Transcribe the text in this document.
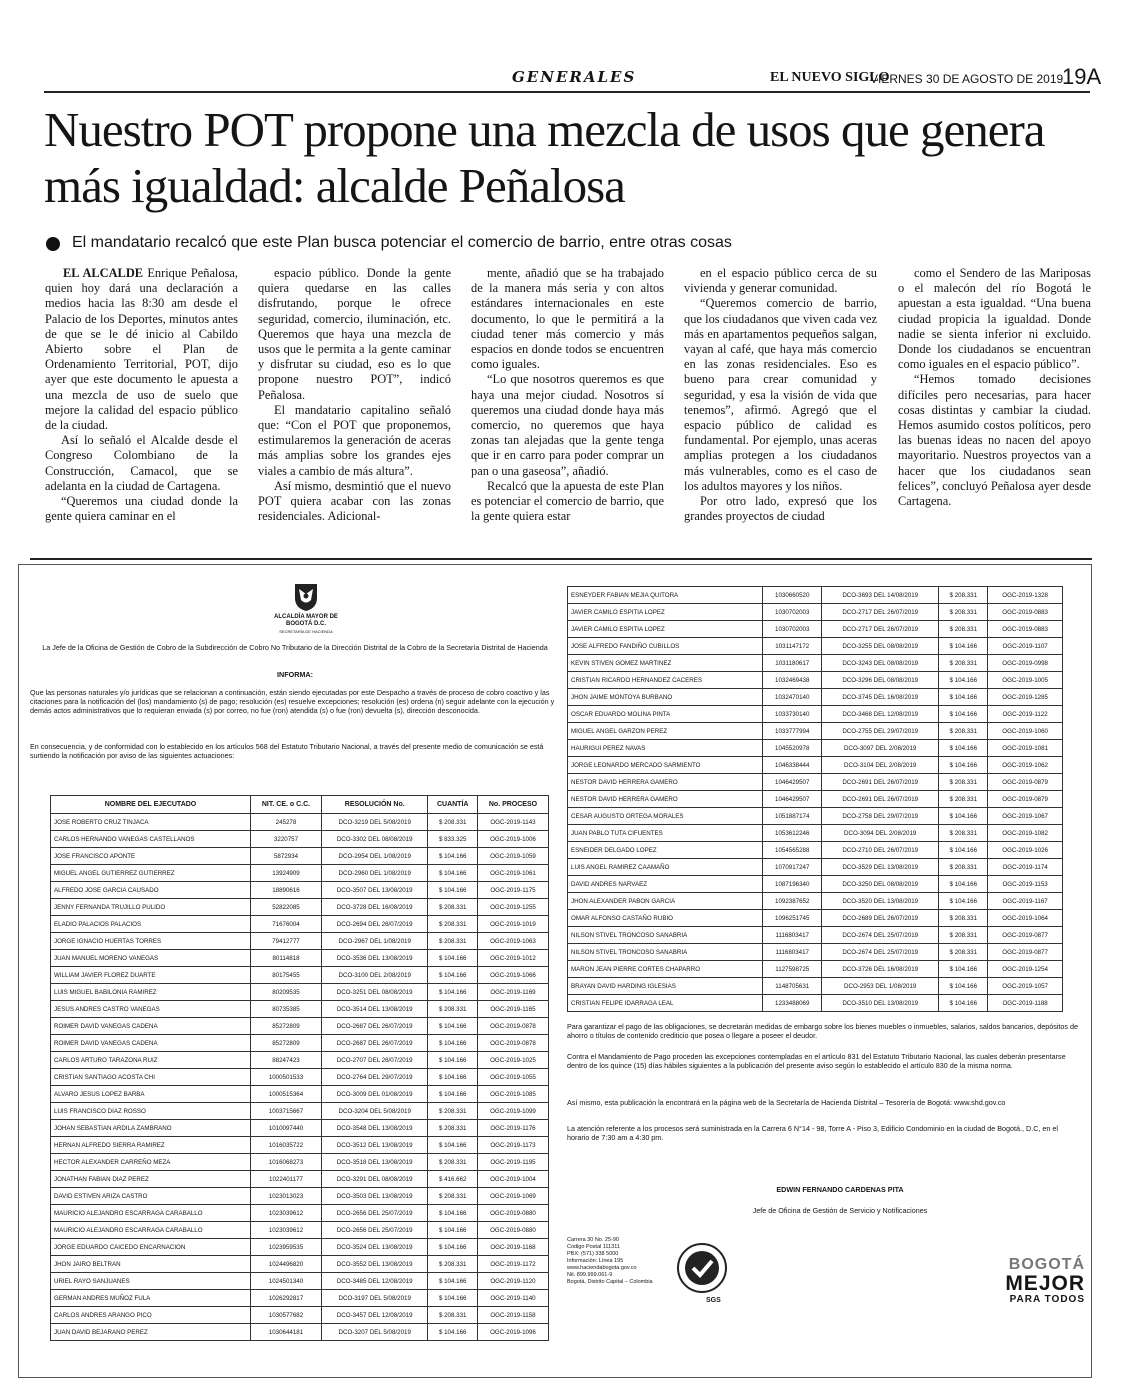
GENERALES	EL NUEVO SIGLO
VIERNES 30 DE AGOSTO DE 2019
19A
Nuestro POT propone una mezcla de usos que genera más igualdad: alcalde Peñalosa
El mandatario recalcó que este Plan busca potenciar el comercio de barrio, entre otras cosas

EL ALCALDE Enrique Peñalosa, quien hoy dará una declaración a medios hacia las 8:30 am desde el Palacio de los Deportes, minutos antes de que se le dé inicio al Cabildo Abierto sobre el Plan de Ordenamiento Territorial, POT, dijo ayer que este documento le apuesta a una mezcla de uso de suelo que mejore la calidad del espacio público de la ciudad.

Así lo señaló el Alcalde desde el Congreso Colombiano de la Construcción, Camacol, que se adelanta en la ciudad de Cartagena.

“Queremos una ciudad donde la gente quiera caminar en el

espacio público. Donde la gente quiera quedarse en las calles disfrutando, porque le ofrece seguridad, comercio, iluminación, etc. Queremos que haya una mezcla de usos que le permita a la gente caminar y disfrutar su ciudad, eso es lo que propone nuestro POT”, indicó Peñalosa.

El mandatario capitalino señaló que: “Con el POT que proponemos, estimularemos la generación de aceras más amplias sobre los grandes ejes viales a cambio de más altura”.

Así mismo, desmintió que el nuevo POT quiera acabar con las zonas residenciales. Adicional-

mente, añadió que se ha trabajado de la manera más seria y con altos estándares internacionales en este documento, lo que le permitirá a la ciudad tener más comercio y más espacios en donde todos se encuentren como iguales.

“Lo que nosotros queremos es que haya una mejor ciudad. Nosotros sí queremos una ciudad donde haya más comercio, no queremos que haya zonas tan alejadas que la gente tenga que ir en carro para poder comprar un pan o una gaseosa”, añadió.

Recalcó que la apuesta de este Plan es potenciar el comercio de barrio, que la gente quiera estar

en el espacio público cerca de su vivienda y generar comunidad.

“Queremos comercio de barrio, que los ciudadanos que viven cada vez más en apartamentos pequeños salgan, vayan al café, que haya más comercio en las zonas residenciales. Eso es bueno para crear comunidad y seguridad, y esa la visión de vida que tenemos”, afirmó. Agregó que el espacio público de calidad es fundamental. Por ejemplo, unas aceras amplias protegen a los ciudadanos más vulnerables, como es el caso de los adultos mayores y los niños.

Por otro lado, expresó que los grandes proyectos de ciudad

como el Sendero de las Mariposas o el malecón del río Bogotá le apuestan a esta igualdad. “Una buena ciudad propicia la igualdad. Donde nadie se sienta inferior ni excluido. Donde los ciudadanos se encuentran como iguales en el espacio público”.

“Hemos tomado decisiones difíciles pero necesarias, para hacer cosas distintas y cambiar la ciudad. Hemos asumido costos políticos, pero las buenas ideas no nacen del apoyo mayoritario. Nuestros proyectos van a hacer que los ciudadanos sean felices”, concluyó Peñalosa ayer desde Cartagena.

ALCALDÍA MAYOR DE BOGOTÁ D.C.
SECRETARÍA DE HACIENDA
La Jefe de la Oficina de Gestión de Cobro de la Subdirección de Cobro No Tributario de la Dirección Distrital de la Cobro de la Secretaría Distrital de Hacienda
INFORMA:
Que las personas naturales y/o jurídicas que se relacionan a continuación, están siendo ejecutadas por este Despacho a través de proceso de cobro coactivo y las citaciones para la notificación del (los) mandamiento (s) de pago; resolución (es) resuelve excepciones; resolución (es) ordena (n) seguir adelante con la ejecución y demás actos administrativos que lo requieran enviada (s) por correo, no fue (ron) atendida (s) o fue (ron) devuelta (s), dirección desconocida.
En consecuencia, y de conformidad con lo establecido en los artículos 568 del Estatuto Tributario Nacional, a través del presente medio de comunicación se está surtiendo la notificación por aviso de las siguientes actuaciones:
NOMBRE DEL EJECUTADO	NIT. CE. o C.C.	RESOLUCIÓN No.	CUANTÍA	No. PROCESO
JOSE ROBERTO CRUZ TINJACA	245278	DCO-3219 DEL 5/08/2019	$ 208.331	OGC-2019-1143
CARLOS HERNANDO VANEGAS CASTELLANOS	3220757	DCO-3302 DEL 08/08/2019	$ 833.325	OGC-2019-1006
JOSE FRANCISCO APONTE	5872934	DCO-2954 DEL 1/08/2019	$ 104.166	OGC-2019-1059
MIGUEL ANGEL GUTIERREZ GUTIERREZ	13924909	DCO-2960 DEL 1/08/2019	$ 104.166	OGC-2019-1061
ALFREDO JOSE GARCIA CAUSADO	18890616	DCO-3507 DEL 13/08/2019	$ 104.166	OGC-2019-1175
JENNY FERNANDA TRUJILLO PULIDO	52822085	DCO-3728 DEL 16/08/2019	$ 208.331	OGC-2019-1255
ELADIO PALACIOS PALACIOS	71676004	DCO-2694 DEL 26/07/2019	$ 208.331	OGC-2019-1019
JORGE IGNACIO HUERTAS TORRES	79412777	DCO-2967 DEL 1/08/2019	$ 208.331	OGC-2019-1063
JUAN MANUEL MORENO VANEGAS	80114818	DCO-3536 DEL 13/08/2019	$ 104.166	OGC-2019-1012
WILLIAM JAVIER FLOREZ DUARTE	80175455	DCO-3100 DEL 2/08/2019	$ 104.166	OGC-2019-1066
LUIS MIGUEL BABILONIA RAMIREZ	80209535	DCO-3251 DEL 08/08/2019	$ 104.166	OGC-2019-1169
JESUS ANDRES CASTRO VANEGAS	80735385	DCO-3514 DEL 13/08/2019	$ 208.331	OGC-2019-1165
ROIMER DAVID VANEGAS CADENA	85272809	DCO-2687 DEL 26/07/2019	$ 104.166	OGC-2019-0878
ROIMER DAVID VANEGAS CADENA	85272809	DCO-2687 DEL 26/07/2019	$ 104.166	OGC-2019-0878
CARLOS ARTURO TARAZONA RUIZ	88247423	DCO-2707 DEL 26/07/2019	$ 104.166	OGC-2019-1025
CRISTIAN SANTIAGO ACOSTA CHI	1000501533	DCO-2764 DEL 29/07/2019	$ 104.166	OGC-2019-1055
ALVARO JESUS LOPEZ BARBA	1000515364	DCO-3009 DEL 01/08/2019	$ 104.166	OGC-2019-1085
LUIS FRANCISCO DIAZ ROSSO	1003715667	DCO-3204 DEL 5/08/2019	$ 208.331	OGC-2019-1099
JOHAN SEBASTIAN ARDILA ZAMBRANO	1010097440	DCO-3548 DEL 13/08/2019	$ 208.331	OGC-2019-1176
HERNAN ALFREDO SIERRA RAMIREZ	1016035722	DCO-3512 DEL 13/08/2019	$ 104.166	OGC-2019-1173
HECTOR ALEXANDER CARREÑO MEZA	1016068273	DCO-3518 DEL 13/08/2019	$ 208.331	OGC-2019-1195
JONATHAN FABIAN DIAZ PEREZ	1022401177	DCO-3291 DEL 08/08/2019	$ 416.662	OGC-2019-1004
DAVID ESTIVEN ARIZA CASTRO	1023013023	DCO-3503 DEL 13/08/2019	$ 208.331	OGC-2019-1069
MAURICIO ALEJANDRO ESCARRAGA CARABALLO	1023039612	DCO-2656 DEL 25/07/2019	$ 104.166	OGC-2019-0880
MAURICIO ALEJANDRO ESCARRAGA CARABALLO	1023039612	DCO-2656 DEL 25/07/2019	$ 104.166	OGC-2019-0880
JORGE EDUARDO CAICEDO ENCARNACION	1023959535	DCO-3524 DEL 13/08/2019	$ 104.166	OGC-2019-1168
JHON JAIRO BELTRAN	1024496820	DCO-3552 DEL 13/08/2019	$ 208.331	OGC-2019-1172
URIEL RAYO SANJUANES	1024501340	DCO-3485 DEL 12/08/2019	$ 104.166	OGC-2019-1120
GERMAN ANDRES MUÑOZ FULA	1026292817	DCO-3197 DEL 5/08/2019	$ 104.166	OGC-2019-1140
CARLOS ANDRES ARANGO PICO	1030577682	DCO-3457 DEL 12/08/2019	$ 208.331	OGC-2019-1158
JUAN DAVID BEJARANO PEREZ	1030644181	DCO-3207 DEL 5/08/2019	$ 104.166	OGC-2019-1096
ESNEYDER FABIAN MEJIA QUITORA	1030660520	DCO-3693 DEL 14/08/2019	$ 208.331	OGC-2019-1328
JAVIER CAMILO ESPITIA LOPEZ	1030702003	DCO-2717 DEL 26/07/2019	$ 208.331	OGC-2019-0883
JAVIER CAMILO ESPITIA LOPEZ	1030702003	DCO-2717 DEL 26/07/2019	$ 208.331	OGC-2019-0883
JOSE ALFREDO FANDIÑO CUBILLOS	1031147172	DCO-3255 DEL 08/08/2019	$ 104.166	OGC-2019-1107
KEVIN STIVEN GOMEZ MARTINEZ	1031180617	DCO-3243 DEL 08/08/2019	$ 208.331	OGC-2019-0998
CRISTIAN RICARDO HERNANDEZ CACERES	1032469438	DCO-3296 DEL 08/08/2019	$ 104.166	OGC-2019-1005
JHON JAIME MONTOYA BURBANO	1032470140	DCO-3745 DEL 16/08/2019	$ 104.166	OGC-2019-1285
OSCAR EDUARDO MOLINA PINTA	1033730140	DCO-3468 DEL 12/08/2019	$ 104.166	OGC-2019-1122
MIGUEL ANGEL GARZON PEREZ	1033777994	DCO-2755 DEL 29/07/2019	$ 208.331	OGC-2019-1060
HAURIGUI PEREZ NAVAS	1045520978	DCO-3097 DEL 2/08/2019	$ 104.166	OGC-2019-1081
JORGE LEONARDO MERCADO SARMIENTO	1046338444	DCO-3104 DEL 2/08/2019	$ 104.166	OGC-2019-1062
NESTOR DAVID HERRERA GAMERO	1046429507	DCO-2691 DEL 26/07/2019	$ 208.331	OGC-2019-0879
NESTOR DAVID HERRERA GAMERO	1046429507	DCO-2691 DEL 26/07/2019	$ 208.331	OGC-2019-0879
CESAR AUGUSTO ORTEGA MORALES	1051887174	DCO-2758 DEL 29/07/2019	$ 104.166	OGC-2019-1067
JUAN PABLO TUTA CIFUENTES	1053612246	DCO-3094 DEL 2/08/2019	$ 208.331	OGC-2019-1082
ESNEIDER DELGADO LOPEZ	1054565288	DCO-2710 DEL 26/07/2019	$ 104.166	OGC-2019-1026
LUIS ANGEL RAMIREZ CAAMAÑO	1070917247	DCO-3529 DEL 13/08/2019	$ 208.331	OGC-2019-1174
DAVID ANDRES NARVAEZ	1087196340	DCO-3250 DEL 08/08/2019	$ 104.166	OGC-2019-1153
JHON ALEXANDER PABON GARCIA	1092387652	DCO-3520 DEL 13/08/2019	$ 104.166	OGC-2019-1167
OMAR ALFONSO CASTAÑO RUBIO	1096251745	DCO-2689 DEL 26/07/2019	$ 208.331	OGC-2019-1064
NILSON STIVEL TRONCOSO SANABRIA	1116803417	DCO-2674 DEL 25/07/2019	$ 208.331	OGC-2019-0877
NILSON STIVEL TRONCOSO SANABRIA	1116803417	DCO-2674 DEL 25/07/2019	$ 208.331	OGC-2019-0877
MARON JEAN PIERRE CORTES CHAPARRO	1127598725	DCO-3726 DEL 16/08/2019	$ 104.166	OGC-2019-1254
BRAYAN DAVID HARDING IGLESIAS	1148705631	DCO-2953 DEL 1/08/2019	$ 104.166	OGC-2019-1057
CRISTIAN FELIPE IDARRAGA LEAL	1233488069	DCO-3510 DEL 13/08/2019	$ 104.166	OGC-2019-1188
Para garantizar el pago de las obligaciones, se decretarán medidas de embargo sobre los bienes muebles o inmuebles, salarios, saldos bancarios, depósitos de ahorro o títulos de contenido crediticio que posea o llegare a poseer el deudor.
Contra el Mandamiento de Pago proceden las excepciones contempladas en el artículo 831 del Estatuto Tributario Nacional, las cuales deberán presentarse dentro de los quince (15) días hábiles siguientes a la publicación del presente aviso según lo establecido el artículo 830 de la misma norma.
Así mismo, esta publicación la encontrará en la página web de la Secretaría de Hacienda Distrital – Tesorería de Bogotá: www.shd.gov.co
La atención referente a los procesos será suministrada en la Carrera 6 N°14 - 98, Torre A - Piso 3, Edificio Condominio en la ciudad de Bogotá., D.C, en el horario de 7:30 am a 4:30 pm.
EDWIN FERNANDO CARDENAS PITA
Jefe de Oficina de Gestión de Servicio y Notificaciones
Carrera 30 No. 25-90
Codigo Postal 111311
PBX: (571) 338 5000
Información: Línea 195
www.haciendabogota.gov.co
Nit. 899.999.061-9
Bogotá, Distrito Capital – Colombia
SGS
BOGOTÁ
MEJOR
PARA TODOS
